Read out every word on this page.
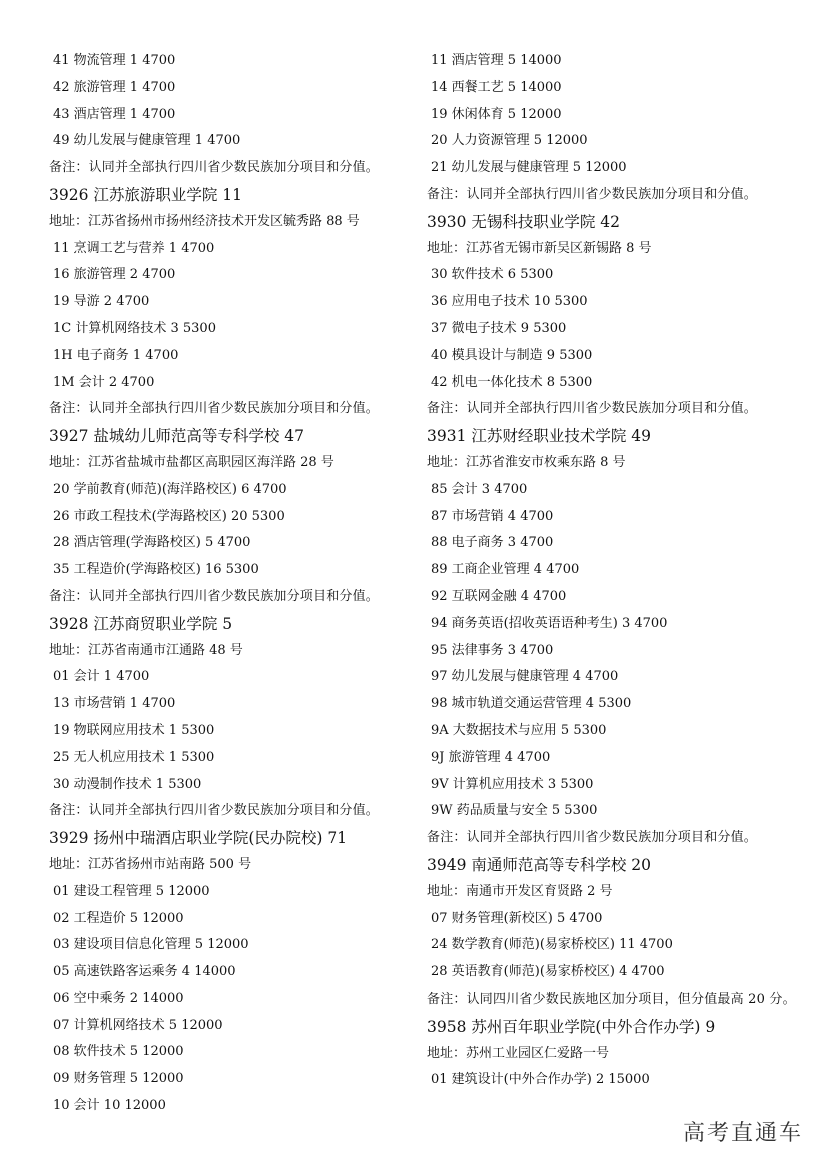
41 物流管理 1 4700
42 旅游管理 1 4700
43 酒店管理 1 4700
49 幼儿发展与健康管理 1 4700
备注：认同并全部执行四川省少数民族加分项目和分值。
3926 江苏旅游职业学院 11
地址：江苏省扬州市扬州经济技术开发区毓秀路 88 号
11 烹调工艺与营养 1 4700
16 旅游管理 2 4700
19 导游 2 4700
1C 计算机网络技术 3 5300
1H 电子商务 1 4700
1M 会计 2 4700
备注：认同并全部执行四川省少数民族加分项目和分值。
3927 盐城幼儿师范高等专科学校 47
地址：江苏省盐城市盐都区高职园区海洋路 28 号
20 学前教育(师范)(海洋路校区) 6 4700
26 市政工程技术(学海路校区) 20 5300
28 酒店管理(学海路校区) 5 4700
35 工程造价(学海路校区) 16 5300
备注：认同并全部执行四川省少数民族加分项目和分值。
3928 江苏商贸职业学院 5
地址：江苏省南通市江通路 48 号
01 会计 1 4700
13 市场营销 1 4700
19 物联网应用技术 1 5300
25 无人机应用技术 1 5300
30 动漫制作技术 1 5300
备注：认同并全部执行四川省少数民族加分项目和分值。
3929 扬州中瑞酒店职业学院(民办院校) 71
地址：江苏省扬州市站南路 500 号
01 建设工程管理 5 12000
02 工程造价 5 12000
03 建设项目信息化管理 5 12000
05 高速铁路客运乘务 4 14000
06 空中乘务 2 14000
07 计算机网络技术 5 12000
08 软件技术 5 12000
09 财务管理 5 12000
10 会计 10 12000
11 酒店管理 5 14000
14 西餐工艺 5 14000
19 休闲体育 5 12000
20 人力资源管理 5 12000
21 幼儿发展与健康管理 5 12000
备注：认同并全部执行四川省少数民族加分项目和分值。
3930 无锡科技职业学院 42
地址：江苏省无锡市新吴区新锡路 8 号
30 软件技术 6 5300
36 应用电子技术 10 5300
37 微电子技术 9 5300
40 模具设计与制造 9 5300
42 机电一体化技术 8 5300
备注：认同并全部执行四川省少数民族加分项目和分值。
3931 江苏财经职业技术学院 49
地址：江苏省淮安市枚乘东路 8 号
85 会计 3 4700
87 市场营销 4 4700
88 电子商务 3 4700
89 工商企业管理 4 4700
92 互联网金融 4 4700
94 商务英语(招收英语语种考生) 3 4700
95 法律事务 3 4700
97 幼儿发展与健康管理 4 4700
98 城市轨道交通运营管理 4 5300
9A 大数据技术与应用 5 5300
9J 旅游管理 4 4700
9V 计算机应用技术 3 5300
9W 药品质量与安全 5 5300
备注：认同并全部执行四川省少数民族加分项目和分值。
3949 南通师范高等专科学校 20
地址：南通市开发区育贤路 2 号
07 财务管理(新校区) 5 4700
24 数学教育(师范)(易家桥校区) 11 4700
28 英语教育(师范)(易家桥校区) 4 4700
备注：认同四川省少数民族地区加分项目，但分值最高 20 分。
3958 苏州百年职业学院(中外合作办学) 9
地址：苏州工业园区仁爱路一号
01 建筑设计(中外合作办学) 2 15000
高考直通车
